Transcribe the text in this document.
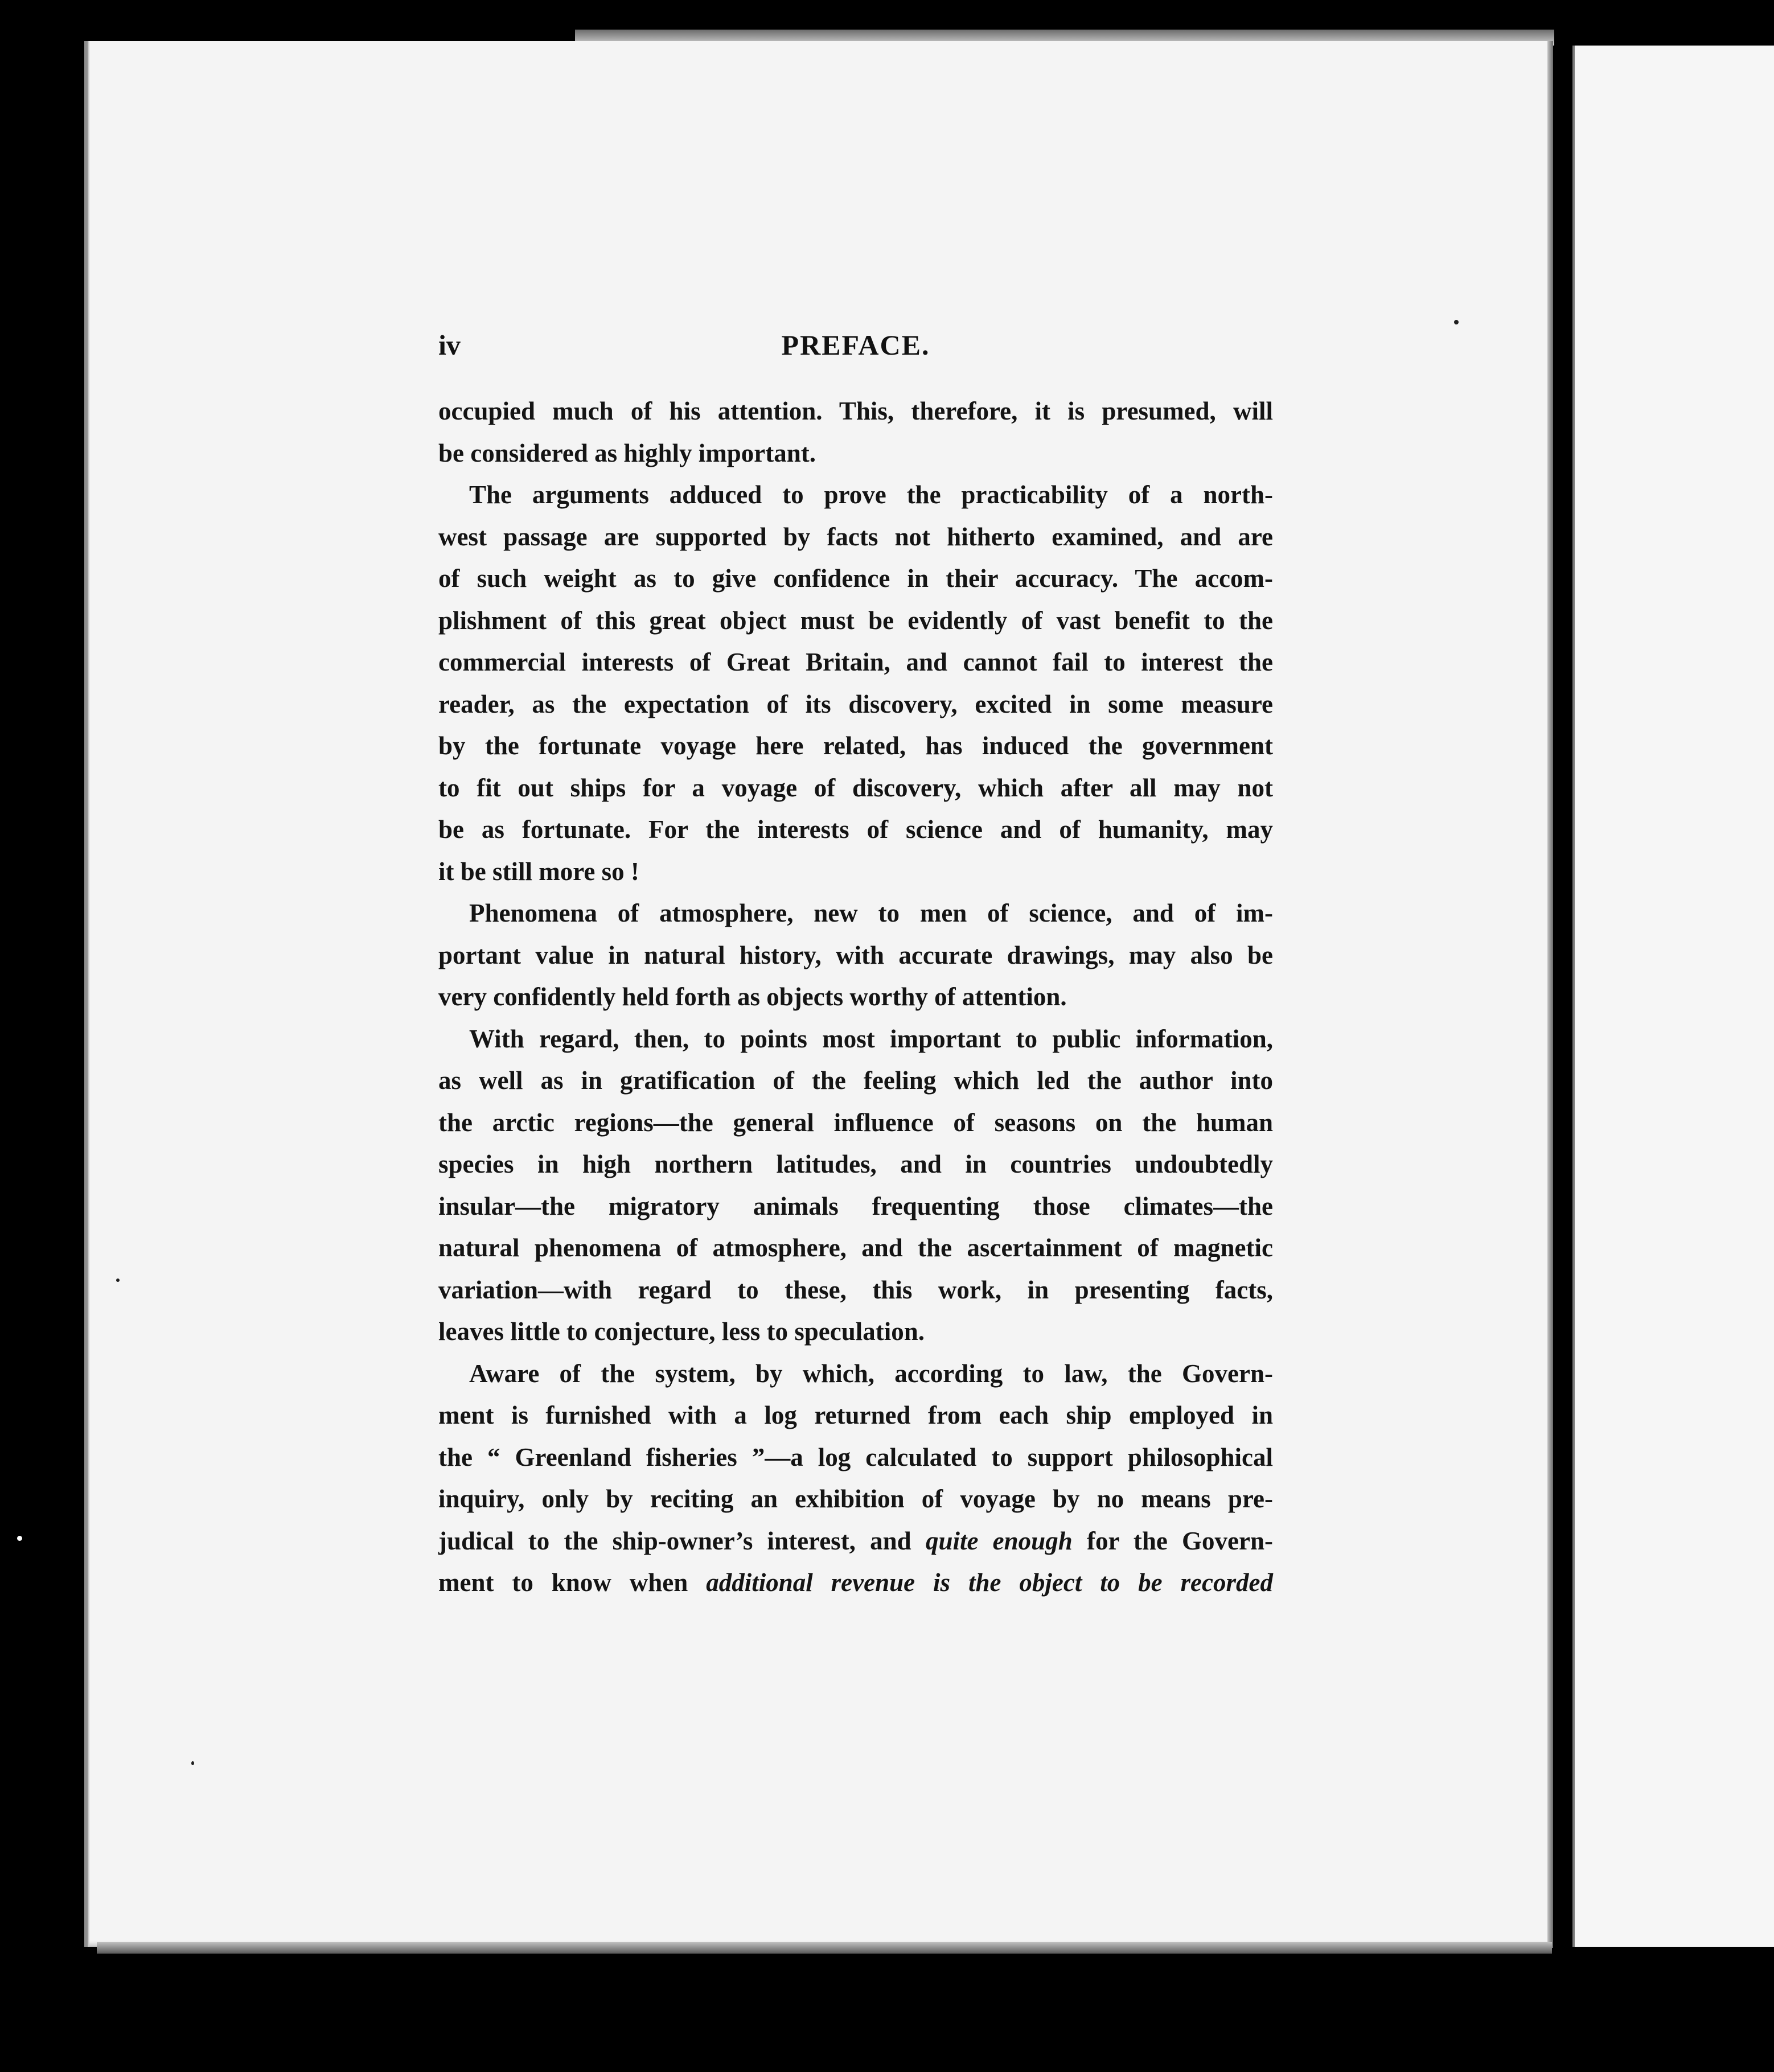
iv	PREFACE.
occupied much of his attention. This, therefore, it is presumed, will
be considered as highly important.
The arguments adduced to prove the practicability of a north-
west passage are supported by facts not hitherto examined, and are
of such weight as to give confidence in their accuracy. The accom-
plishment of this great object must be evidently of vast benefit to the
commercial interests of Great Britain, and cannot fail to interest the
reader, as the expectation of its discovery, excited in some measure
by the fortunate voyage here related, has induced the government
to fit out ships for a voyage of discovery, which after all may not
be as fortunate. For the interests of science and of humanity, may
it be still more so !
Phenomena of atmosphere, new to men of science, and of im-
portant value in natural history, with accurate drawings, may also be
very confidently held forth as objects worthy of attention.
With regard, then, to points most important to public information,
as well as in gratification of the feeling which led the author into
the arctic regions—the general influence of seasons on the human
species in high northern latitudes, and in countries undoubtedly
insular—the migratory animals frequenting those climates—the
natural phenomena of atmosphere, and the ascertainment of magnetic
variation—with regard to these, this work, in presenting facts,
leaves little to conjecture, less to speculation.
Aware of the system, by which, according to law, the Govern-
ment is furnished with a log returned from each ship employed in
the “ Greenland fisheries ”—a log calculated to support philosophical
inquiry, only by reciting an exhibition of voyage by no means pre-
judical to the ship-owner’s interest, and quite enough for the Govern-
ment to know when additional revenue is the object to be recorded
